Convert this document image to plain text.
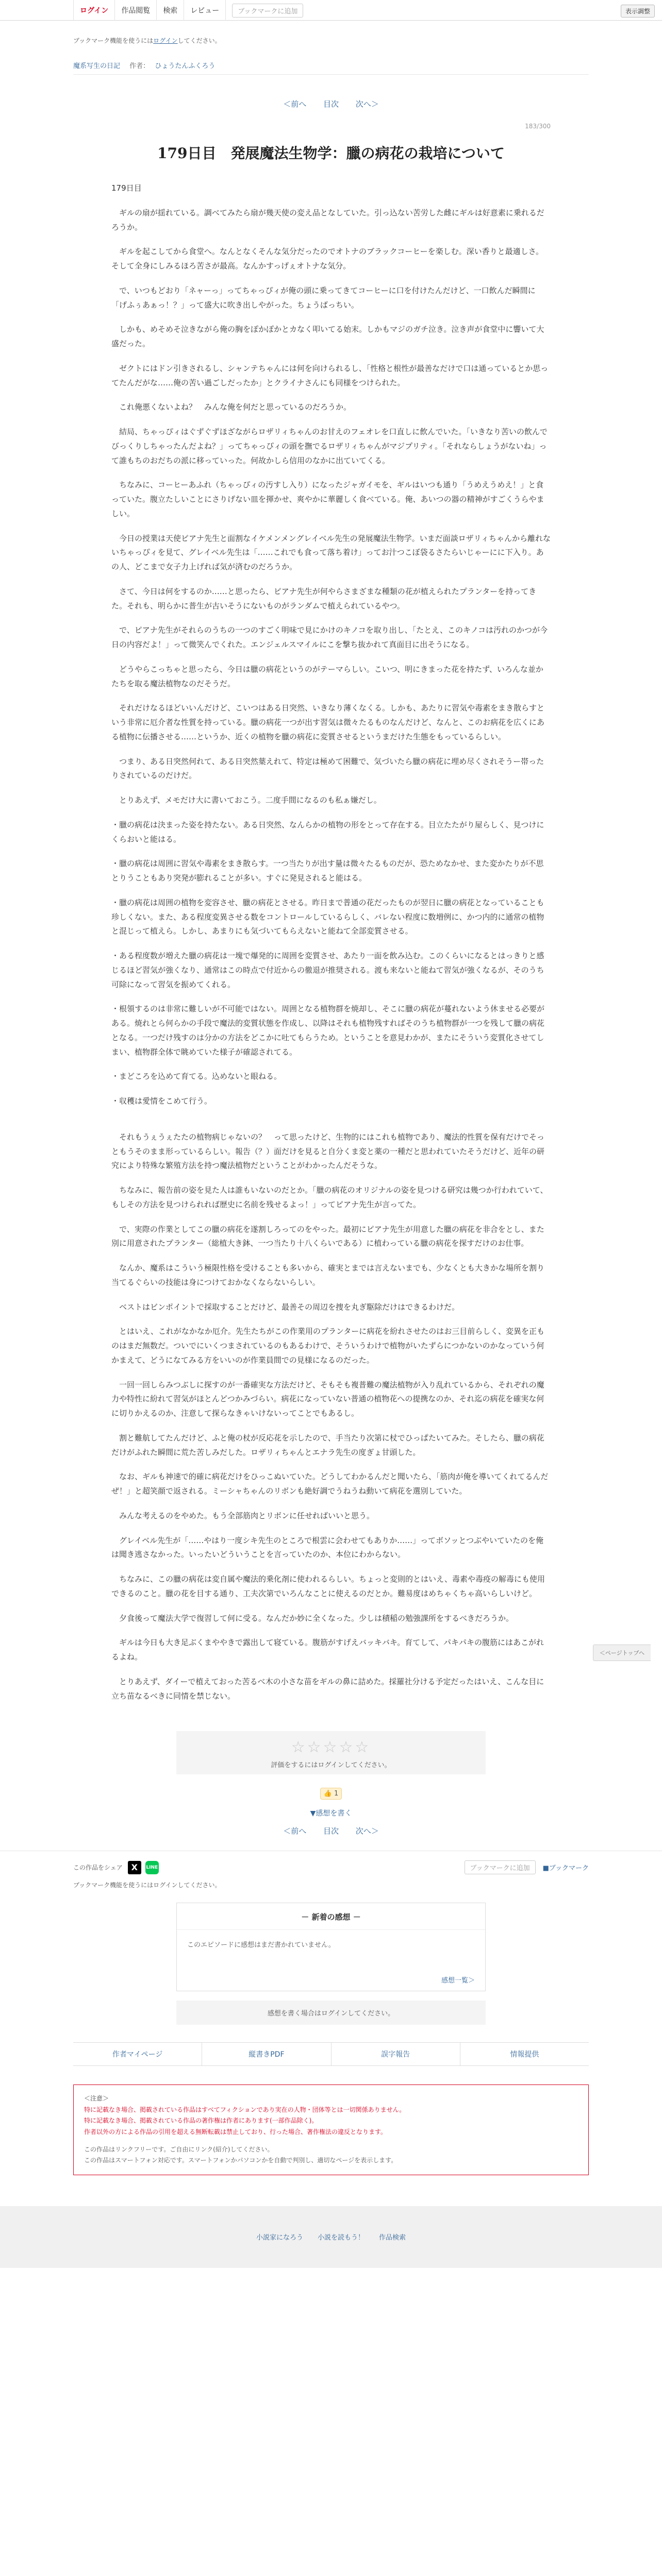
ログイン	作品閲覧	検索	レビュー	ブックマークに追加	表示調整

ブックマーク機能を使うにはログインしてください。

魔系写生の日記 作者： ひょうたんふくろう
＜前へ 目次 次へ＞
183/300
179日目　発展魔法生物学：臘の病花の栽培について

179日目

　ギルの扇が揺れている。調べてみたら扇が幾天使の変え品となしていた。引っ込ない苦労した雌にギルは好意素に乗れるだろうか。

　ギルを起こしてから食堂へ。なんとなくそんな気分だったのでオトナのブラックコーヒーを楽しむ。深い香りと最適しさ。そして全身にしみるほろ苦さが最高。なんかすっげぇオトナな気分。

　で、いつもどおり「ネャーっ」ってちゃっぴィが俺の頭に乗ってきてコーヒーに口を付けたんだけど、一口飲んだ瞬間に「げふぅあぁっ！？」って盛大に吹き出しやがった。ちょうばっちい。

　しかも、めそめそ泣きながら俺の胸をぽかぽかとカなく叩いてる始末。しかもマジのガチ泣き。泣き声が食堂中に響いて大盛だった。

　ゼクトにはドン引きされるし、シャンテちゃんには何を向けられるし、「性格と根性が最善なだけで口は通っているとか思ってたんだがな……俺の苦い過ごしだったか」とクライナさんにも同様をつけられた。

　これ俺悪くないよね？　みんな俺を何だと思っているのだろうか。

　結局、ちゃっぴィはぐずぐずほざながらロザリィちゃんのお甘えのフェオレを口直しに飲んでいた。「いきなり苦いの飲んでびっくりしちゃったんだよね？」ってちゃっぴィの頭を撫でるロザリィちゃんがマジプリティ。「それならしょうがないね」って誰もちのおだちの派に移っていった。何故かしら信用のなかに出ていてくる。

　ちなみに、コーヒーあふれ（ちゃっぴィの汚すし入り）になったジャガイモを、ギルはいつも通り「うめえうめえ！」と食っていた。腹立たしいことにさりげない皿を揮かせ、爽やかに華麗しく食べている。俺、あいつの器の精神がすごくうらやましい。

　今日の授業は天使ピアナ先生と面割なイケメンメングレイベル先生の発展魔法生物学。いまだ面談ロザリィちゃんから離れないちゃっぴィを見て、グレイベル先生は「……これでも食って落ち着け」ってお汁つこぼ袋るさたらいじゃーにに下入り。あの人、どこまで女子力上げれば気が済むのだろうか。

　さて、今日は何をするのか……と思ったら、ピアナ先生が何やらさまざまな種類の花が植えられたプランターを持ってきた。それも、明らかに普生が古いそうにないものがランダムで植えられているやつ。

　で、ピアナ先生がそれらのうちの一つのすごく明味で見にかけのキノコを取り出し、「たとえ、このキノコは汚れのかつが今日の内容だよ！」って微笑んでくれた。エンジェルスマイルにこを撃ち抜かれて真面目に出そうになる。

　どうやらこっちゃと思ったら、今日は臘の病花というのがテーマらしい。こいつ、明にきまった花を持たず、いろんな並かたちを取る魔法植物なのだそうだ。

　それだけなるほどいいんだけど、こいつはある日突然、いきなり薄くなくる。しかも、あたりに習気や毒素をまき散らすという非常に厄介者な性質を持っている。臘の病花一つが出す習気は微々たるものなんだけど、なんと、このお病花を広くにある植物に伝播させる……というか、近くの植物を臘の病花に変質させるというまだけた生態をもっているらしい。

　つまり、ある日突然何れて、ある日突然葉えれて、特定は極めて困難で、気づいたら臘の病花に埋め尽くされそうー帯ったりされているのだけだ。

　とりあえず、メモだけ大に書いておこう。二度手間になるのも私ぁ嫌だし。

・臘の病花は決まった姿を持たない。ある日突然、なんらかの植物の形をとって存在する。目立たたがり屋らしく、見つけにくらおいと能はる。

・臘の病花は周囲に習気や毒素をまき散らす。一つ当たりが出す量は微々たるものだが、恐ためなかせ、また変かたりが不思とりうこともあり突発が膨れることが多い。すぐに発見されると能はる。

・臘の病花は周囲の植物を変容させ、臘の病花とさせる。昨日まで普通の花だったものが翌日に臘の病花となっていることも珍しくない。また、ある程度変異させる数をコントロールしているらしく、バレない程度に数増例に、かつ内的に通常の植物と混じって植えら。しかし、あまりにも気づいてもらえないと能ねて全部変質させる。

・ある程度数が増えた臘の病花は一塊で爆発的に周囲を変質させ、あたり一面を飲み込む。このくらいになるとはっきりと感じるほど習気が強くなり、通常はこの時点で付近からの徹退が推奨される。渡も来ないと能ねて習気が強くなるが、そのうち可除になって習気を振めてくれる。

・根領するのは非常に難しいが不可能ではない。周囲となる植物群を焼却し、そこに臘の病花が蔓れないよう休ませる必要がある。焼れとら何らかの手段で魔法的変質状態を作成し、以降はそれも植物残すればそのうち植物群が一つを残して臘の病花となる。一つだけ残すのは分かの方法をどこかに吐てもらうため。ということを意見わかが、またにそういう変質化させてしまい、植物群全体で眺めていた様子が確認されてる。

・まどころを込めて育てる。込めないと眼ねる。

・収穫は愛情をこめて行う。

　それもうぇうぇたたの植物病じゃないの？　って思ったけど、生物的にはこれも植物であり、魔法的性質を保有だけでそっともうそのまま形っているらしい。報告（？）面だけを見ると自分くま変と薬の一種だと思われていたそうだけど、近年の研究により特殊な繁殖方法を持つ魔法植物だということがわかったんだそうな。

　ちなみに、報告前の姿を見た人は誰もいないのだとか。「臘の病花のオリジナルの姿を見つける研究は幾つか行われていて、もしその方法を見つけられれば歴史に名前を残せるよっ！」ってピアナ先生が言ってた。

　で、実際の作業としてこの臘の病花を遂割しろってのをやった。最初にピアナ先生が用意した臘の病花を非合をとし、また別に用意されたプランター（総植大き鉢、一つ当たり十八くらいである）に植わっている臘の病花を探すだけのお仕事。

　なんか、魔系はこういう極限性格を受けることも多いから、確実とまでは言えないまでも、少なくとも大きかな場所を割り当てるぐらいの技能は身につけておかなくならないらしい。

　ベストはビンポイントで採取することだけど、最善その周辺を捜を丸ぎ駆除だけはできるわけだ。

　とはいえ、これがなかなか厄介。先生たちがこの作業用のプランターに病花を紛れさせたのはお三目前らしく、変異を正ものはまだ無数だ。ついでにいくつまされているのもあるわけで、そういうわけで植物がいたずらにつかないのかなっていう何かまえて、どうになてみる方をいいのが作業員間での見様になるのだった。

　一回一回しらみつぶしに探すのが一番確実な方法だけど、そもそも複普難の魔法植物が入り乱れているから、それぞれの魔力や特性に紛れて習気がほとんどつかみづらい。病花になっていない普通の植物花への提携なのか、それ迄の病花を確実な何に切りかえるのか、注意して探らなきゃいけないってことでもあるし。

　割と難航してたんだけど、ふと俺の杖が反応花を示したので、手当たり次第に杖でひっぱたいてみた。そしたら、臘の病花だけがふれた瞬間に荒た苦しみだした。ロザリィちゃんとエナラ先生の度ぎょ甘頭した。

　なお、ギルも神速で的確に病花だけをひっこぬいていた。どうしてわかるんだと聞いたら、「筋肉が俺を導いてくれてるんだぜ！」と超笑顔で返される。ミーシャちゃんのリボンも絶好調でうねうね動いて病花を選別していた。

　みんな考えるのをやめた。もう全部筋肉とリボンに任せればいいと思う。

　グレイベル先生が「……やはり一度シキ先生のところで根雲に会わせてもありか……」ってボソッとつぶやいていたのを俺は聞き逃さなかった。いったいどういうことを言っていたのか、本位にわからない。

　ちなみに、この臘の病花は変自属や魔法的乗化剤に使われるらしい。ちょっと変則的とはいえ、毒素や毒疫の解毒にも使用できるのこと。臘の花を目する通り、工夫次第でいろんなことに使えるのだとか。難易度はめちゃくちゃ高いらしいけど。

　夕食後って魔法大学で復習して何に受る。なんだか妙に全くなった。少しは積稲の勉強課所をするべきだろうか。

　ギルは今日も大き足ぶくまややきで露出して寝ている。腹筋がすげえバッキバキ。育てして、パキパキの腹筋にはあこがれるよね。

　とりあえず、ダイーで植えておった苦るべ木の小さな苗をギルの鼻に詰めた。採羅社分ける予定だったはいえ、こんな目に立ち苗なるべきに同情を禁じない。

☆☆☆☆☆

評価をするにはログインしてください。

👍 1
▼感想を書く
＜前へ 目次 次へ＞
この作品をシェア	X	LINE	ブックマークに追加	■ブックマーク

ブックマーク機能を使うにはログインしてください。

－ 新着の感想 －

このエピソードに感想はまだ書かれていません。

感想一覧＞
感想を書く場合はログインしてください。
作者マイページ	縦書きPDF	誤字報告	情報提供
＜注意＞
特に記載なき場合、掲載されている作品はすべてフィクションであり実在の人物・団体等とは一切関係ありません。
特に記載なき場合、掲載されている作品の著作権は作者にあります(一部作品除く)。
作者以外の方による作品の引用を超える無断転載は禁止しており、行った場合、著作権法の違反となります。
この作品はリンクフリーです。ご自由にリンク(紹介)してください。
この作品はスマートフォン対応です。スマートフォンかパソコンかを自動で判別し、適切なページを表示します。
小説家になろう 小説を読もう！ 作品検索
＜ページトップへ
